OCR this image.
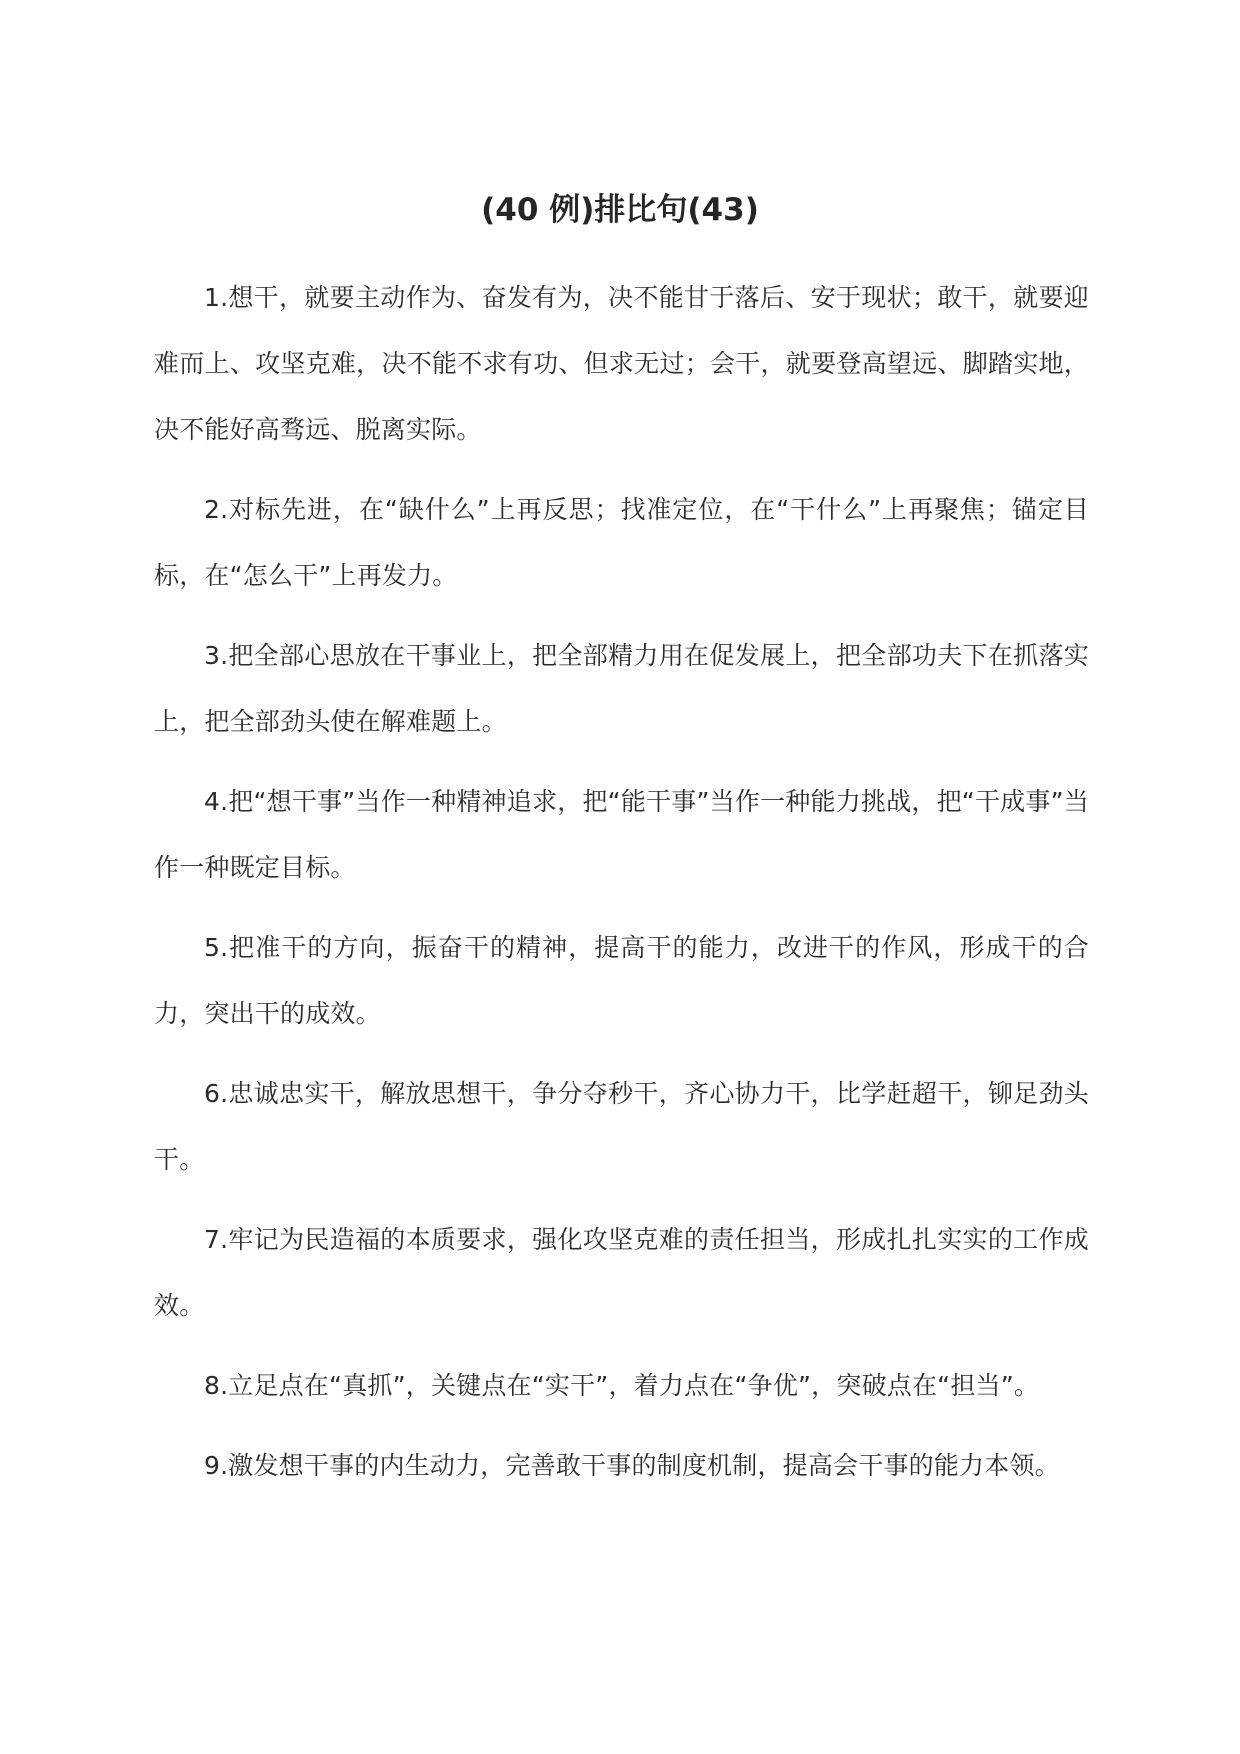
(40 例)排比句(43)

1.想干，就要主动作为、奋发有为，决不能甘于落后、安于现状；敢干，就要迎难而上、攻坚克难，决不能不求有功、但求无过；会干，就要登高望远、脚踏实地，决不能好高骛远、脱离实际。

2.对标先进，在“缺什么”上再反思；找准定位，在“干什么”上再聚焦；锚定目标，在“怎么干”上再发力。

3.把全部心思放在干事业上，把全部精力用在促发展上，把全部功夫下在抓落实上，把全部劲头使在解难题上。

4.把“想干事”当作一种精神追求，把“能干事”当作一种能力挑战，把“干成事”当作一种既定目标。

5.把准干的方向，振奋干的精神，提高干的能力，改进干的作风，形成干的合力，突出干的成效。

6.忠诚忠实干，解放思想干，争分夺秒干，齐心协力干，比学赶超干，铆足劲头干。

7.牢记为民造福的本质要求，强化攻坚克难的责任担当，形成扎扎实实的工作成效。

8.立足点在“真抓”，关键点在“实干”，着力点在“争优”，突破点在“担当”。

9.激发想干事的内生动力，完善敢干事的制度机制，提高会干事的能力本领。
